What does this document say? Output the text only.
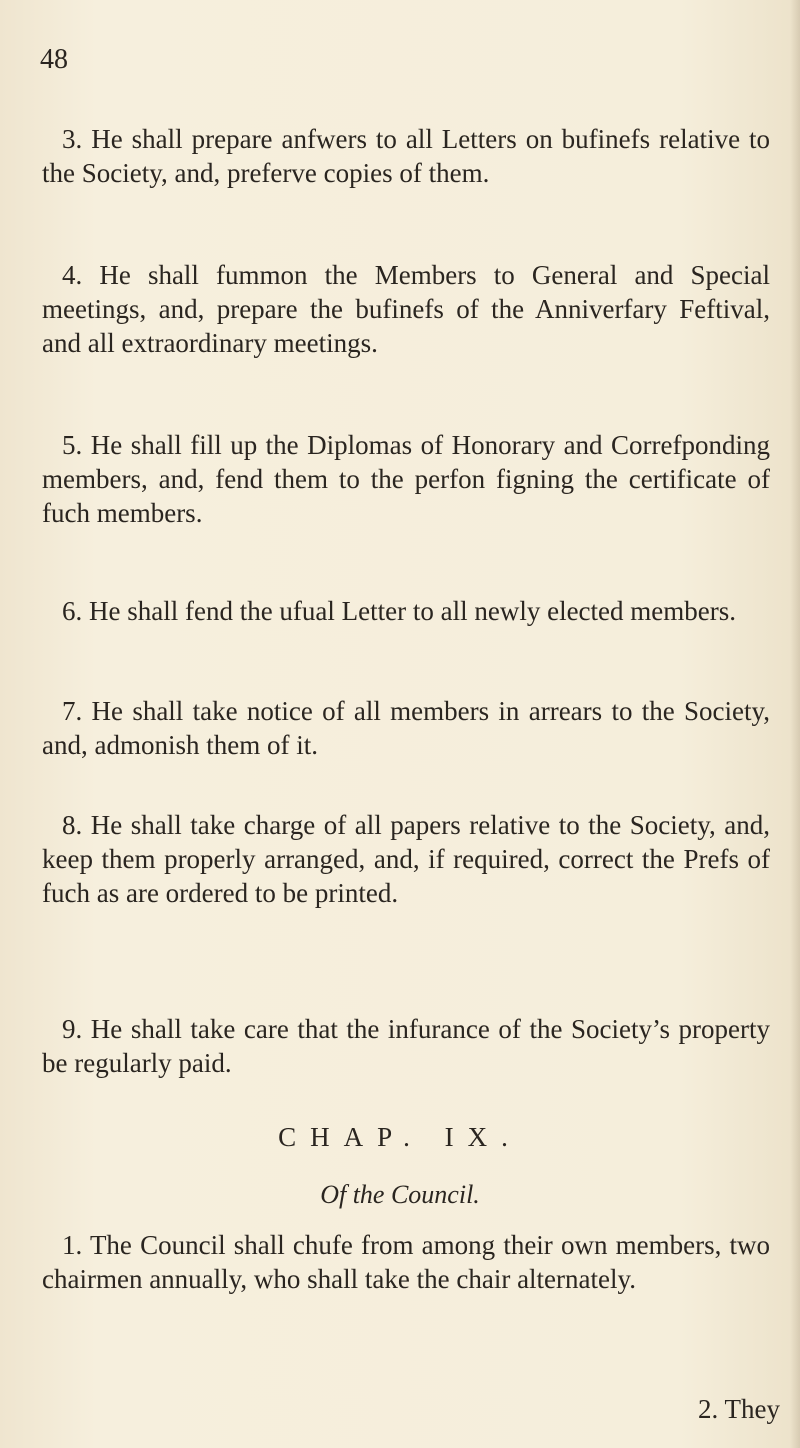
48

3. He shall prepare anfwers to all Letters on bufinefs relative to the Society, and, preferve copies of them.

4. He shall fummon the Members to General and Special meetings, and, prepare the bufinefs of the Anniverfary Feftival, and all extraordinary meetings.

5. He shall fill up the Diplomas of Honorary and Correfponding members, and, fend them to the perfon figning the certificate of fuch members.

6. He shall fend the ufual Letter to all newly elected members.

7. He shall take notice of all members in arrears to the Society, and, admonish them of it.

8. He shall take charge of all papers relative to the Society, and, keep them properly arranged, and, if required, correct the Prefs of fuch as are ordered to be printed.

9. He shall take care that the infurance of the Society’s property be regularly paid.

CHAP. IX.
Of the Council.

1. The Council shall chufe from among their own members, two chairmen annually, who shall take the chair alternately.

2. They
